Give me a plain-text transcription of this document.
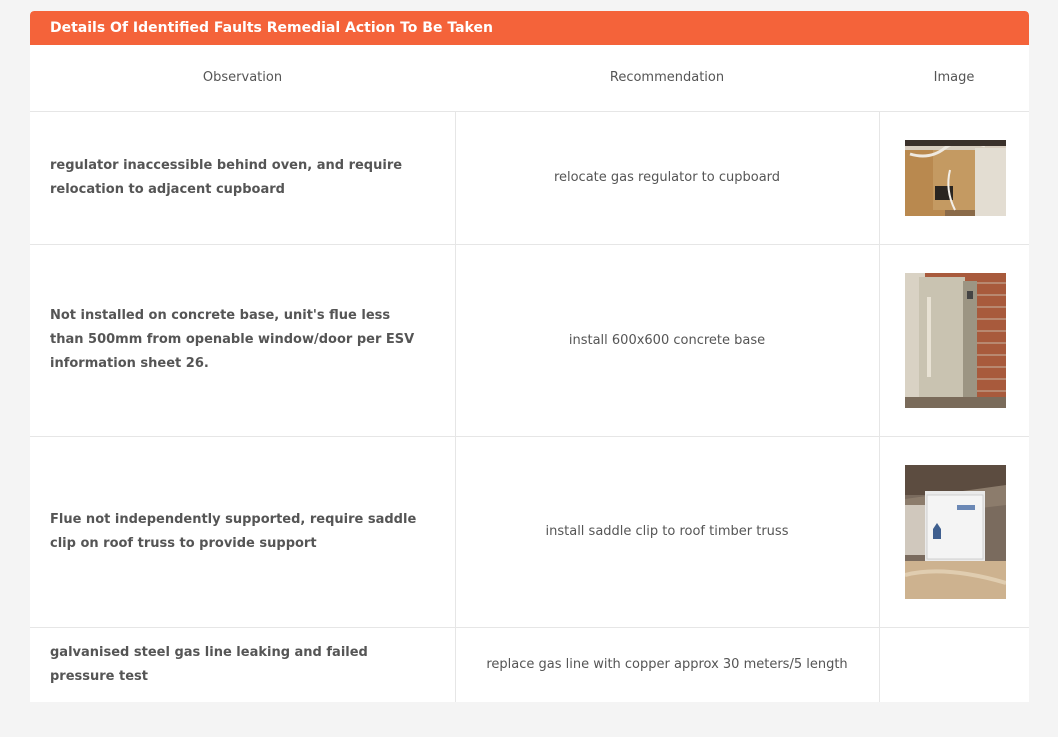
Details Of Identified Faults Remedial Action To Be Taken
Observation	Recommendation	Image
regulator inaccessible behind oven, and require relocation to adjacent cupboard	relocate gas regulator to cupboard	

Not installed on concrete base, unit's flue less than 500mm from openable window/door per ESV information sheet 26.	install 600x600 concrete base	

Flue not independently supported, require saddle clip on roof truss to provide support	install saddle clip to roof timber truss	

galvanised steel gas line leaking and failed pressure test	replace gas line with copper approx 30 meters/5 length	
